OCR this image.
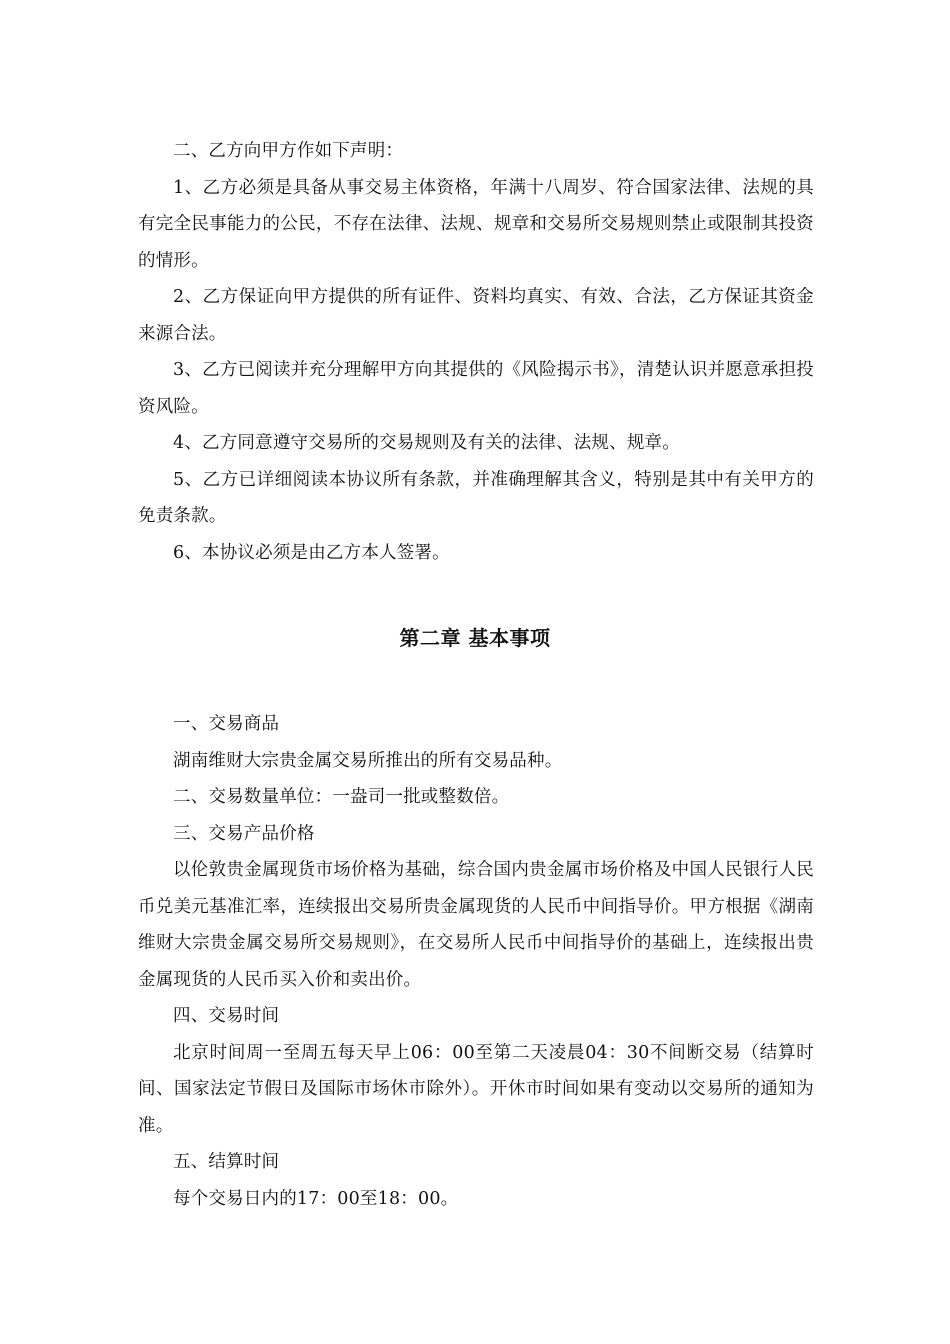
二、乙方向甲方作如下声明：

1、乙方必须是具备从事交易主体资格，年满十八周岁、符合国家法律、法规的具有完全民事能力的公民，不存在法律、法规、规章和交易所交易规则禁止或限制其投资的情形。

2、乙方保证向甲方提供的所有证件、资料均真实、有效、合法，乙方保证其资金来源合法。

3、乙方已阅读并充分理解甲方向其提供的《风险揭示书》，清楚认识并愿意承担投资风险。

4、乙方同意遵守交易所的交易规则及有关的法律、法规、规章。

5、乙方已详细阅读本协议所有条款，并准确理解其含义，特别是其中有关甲方的免责条款。

6、本协议必须是由乙方本人签署。

第二章 基本事项

一、交易商品

湖南维财大宗贵金属交易所推出的所有交易品种。

二、交易数量单位：一盎司一批或整数倍。

三、交易产品价格

以伦敦贵金属现货市场价格为基础，综合国内贵金属市场价格及中国人民银行人民币兑美元基准汇率，连续报出交易所贵金属现货的人民币中间指导价。甲方根据《湖南维财大宗贵金属交易所交易规则》，在交易所人民币中间指导价的基础上，连续报出贵金属现货的人民币买入价和卖出价。

四、交易时间

北京时间周一至周五每天早上06：00至第二天凌晨04：30不间断交易（结算时间、国家法定节假日及国际市场休市除外）。开休市时间如果有变动以交易所的通知为准。

五、结算时间

每个交易日内的17：00至18：00。
